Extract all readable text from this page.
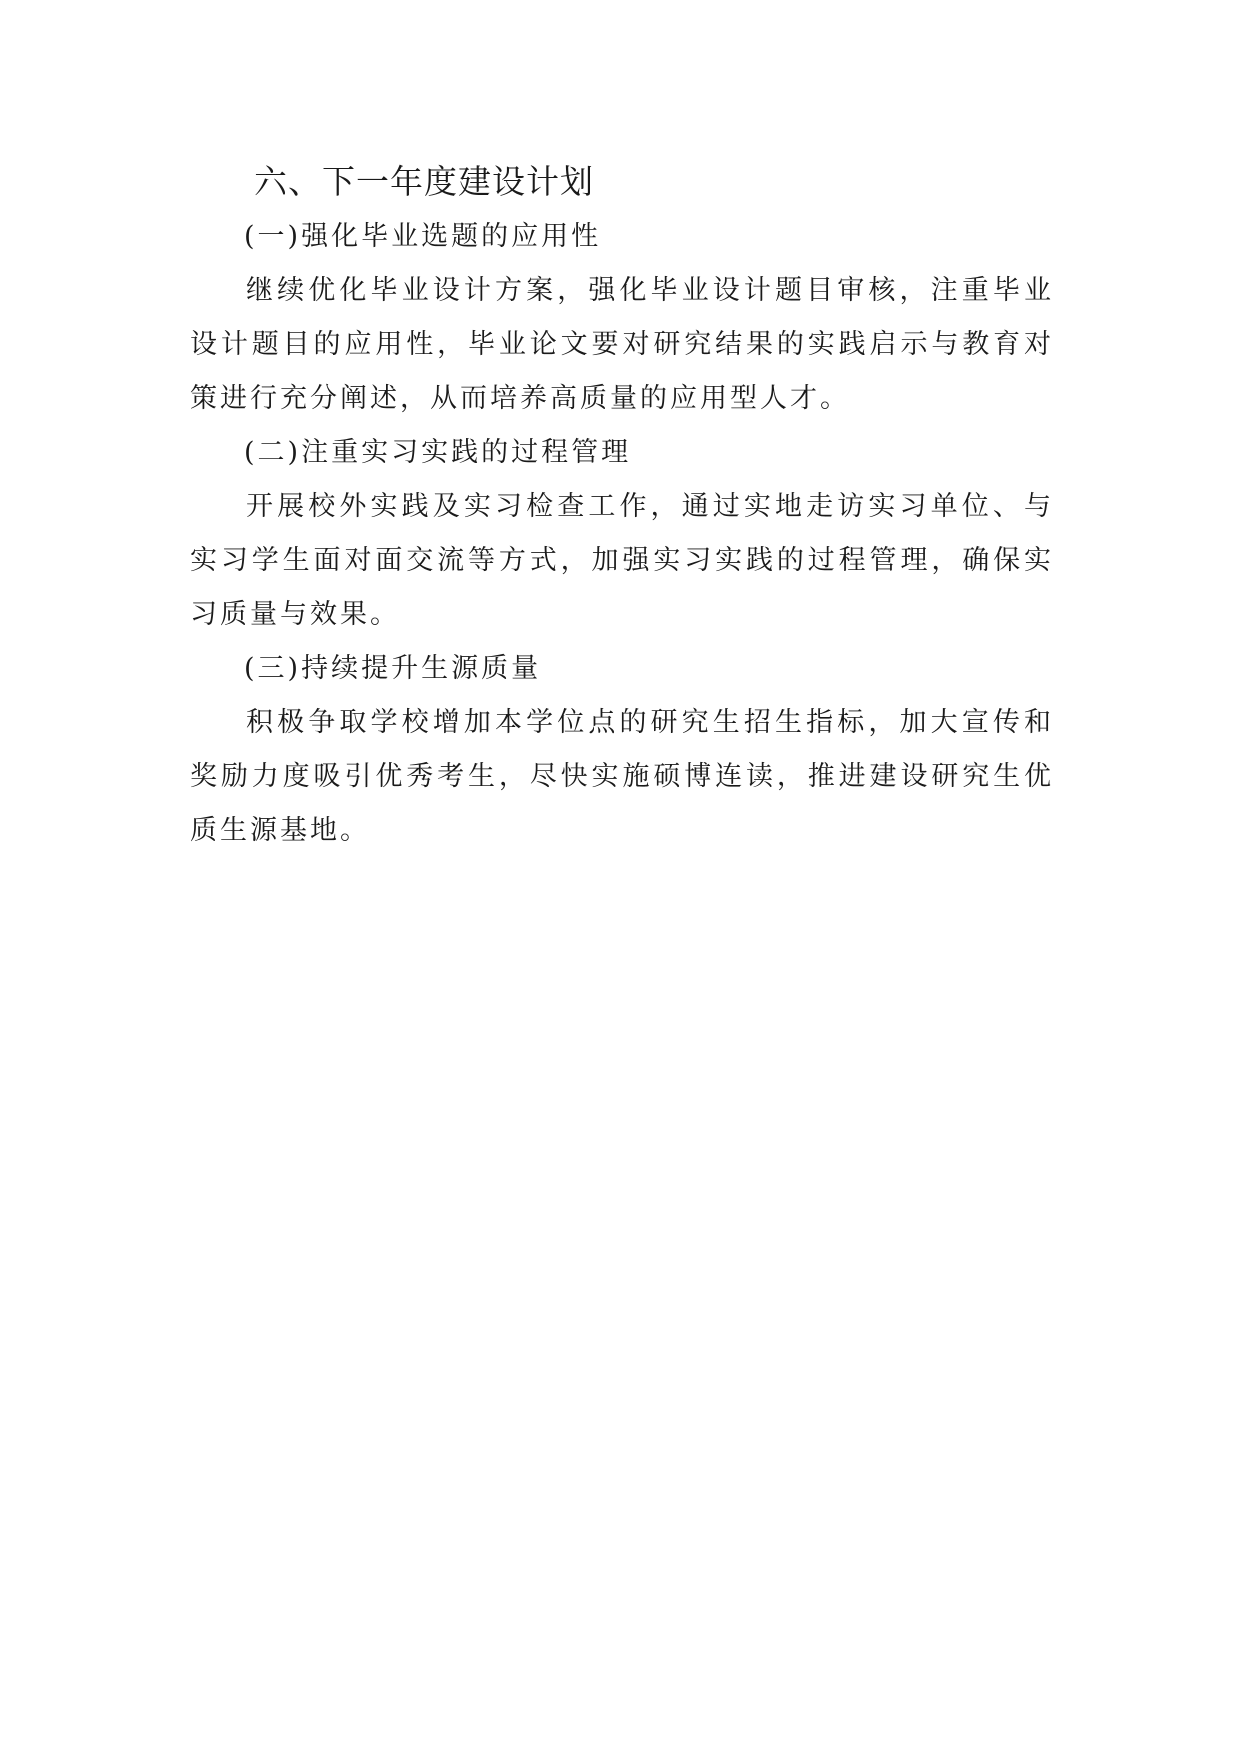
六、下一年度建设计划

(一)强化毕业选题的应用性

继续优化毕业设计方案，强化毕业设计题目审核，注重毕业设计题目的应用性，毕业论文要对研究结果的实践启示与教育对策进行充分阐述，从而培养高质量的应用型人才。

(二)注重实习实践的过程管理

开展校外实践及实习检查工作，通过实地走访实习单位、与实习学生面对面交流等方式，加强实习实践的过程管理，确保实习质量与效果。

(三)持续提升生源质量

积极争取学校增加本学位点的研究生招生指标，加大宣传和奖励力度吸引优秀考生，尽快实施硕博连读，推进建设研究生优质生源基地。
